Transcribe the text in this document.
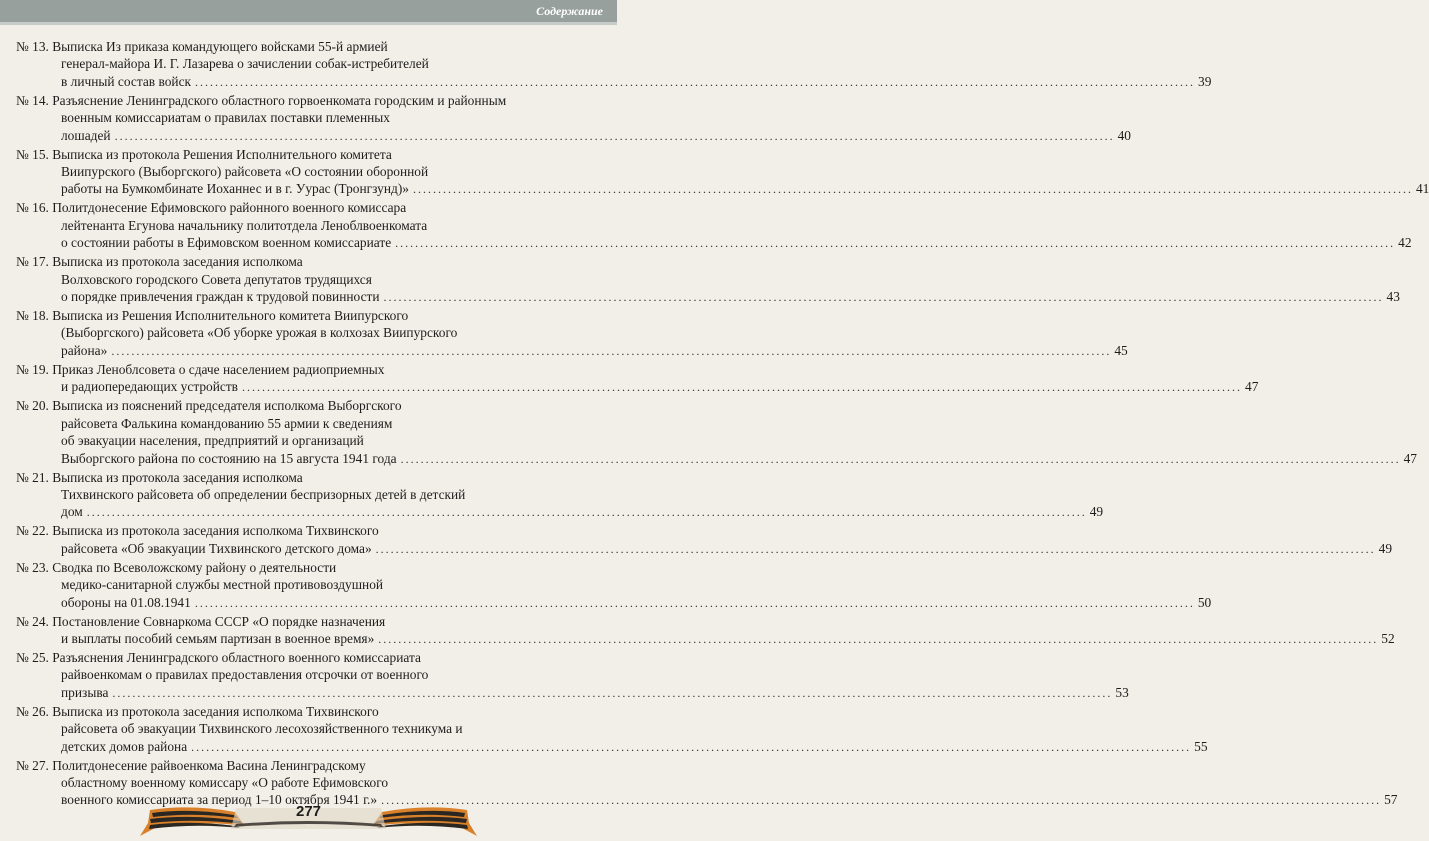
Содержание
№ 13. Выписка Из приказа командующего войсками 55-й армией
генерал-майора И. Г. Лазарева о зачислении собак-истребителей
в личный состав войск ........................................................................................................................................................................................................ 39
№ 14. Разъяснение Ленинградского областного горвоенкоматa городским и районным
военным комиссариатам о правилах поставки племенных
лошадей ........................................................................................................................................................................................................ 40
№ 15. Выписка из протокола Решения Исполнительного комитета
Виипурского (Выборгского) райсовета «О состоянии оборонной
работы на Бумкомбинате Иоханнес и в г. Уурас (Тронгзунд)» ........................................................................................................................................................................................................ 41
№ 16. Политдонесение Ефимовского районного военного комиссара
лейтенанта Егунова начальнику политотдела Леноблвоенкомата
о состоянии работы в Ефимовском военном комиссариате ........................................................................................................................................................................................................ 42
№ 17. Выписка из протокола заседания исполкома
Волховского городского Совета депутатов трудящихся
о порядке привлечения граждан к трудовой повинности ........................................................................................................................................................................................................ 43
№ 18. Выписка из Решения Исполнительного комитета Виипурского
(Выборгского) райсовета «Об уборке урожая в колхозах Виипурского
района» ........................................................................................................................................................................................................ 45
№ 19. Приказ Леноблсовета о сдаче населением радиоприемных
и радиопередающих устройств ........................................................................................................................................................................................................ 47
№ 20. Выписка из пояснений председателя исполкома Выборгского
райсовета Фалькина командованию 55 армии к сведениям
об эвакуации населения, предприятий и организаций
Выборгского района по состоянию на 15 августа 1941 года ........................................................................................................................................................................................................ 47
№ 21. Выписка из протокола заседания исполкома
Тихвинского райсовета об определении беспризорных детей в детский
дом ........................................................................................................................................................................................................ 49
№ 22. Выписка из протокола заседания исполкома Тихвинского
райсовета «Об эвакуации Тихвинского детского дома» ........................................................................................................................................................................................................ 49
№ 23. Сводка по Всеволожскому району о деятельности
медико-санитарной службы местной противовоздушной
обороны на 01.08.1941 ........................................................................................................................................................................................................ 50
№ 24. Постановление Совнаркома СССР «О порядке назначения
и выплаты пособий семьям партизан в военное время» ........................................................................................................................................................................................................ 52
№ 25. Разъяснения Ленинградского областного военного комиссариата
райвоенкомам о правилах предоставления отсрочки от военного
призыва ........................................................................................................................................................................................................ 53
№ 26. Выписка из протокола заседания исполкома Тихвинского
райсовета об эвакуации Тихвинского лесохозяйственного техникума и
детских домов района ........................................................................................................................................................................................................ 55
№ 27. Политдонесение райвоенкома Васина Ленинградскому
областному военному комиссару «О работе Ефимовского
военного комиссариата за период 1–10 октября 1941 г.» ........................................................................................................................................................................................................ 57
277
